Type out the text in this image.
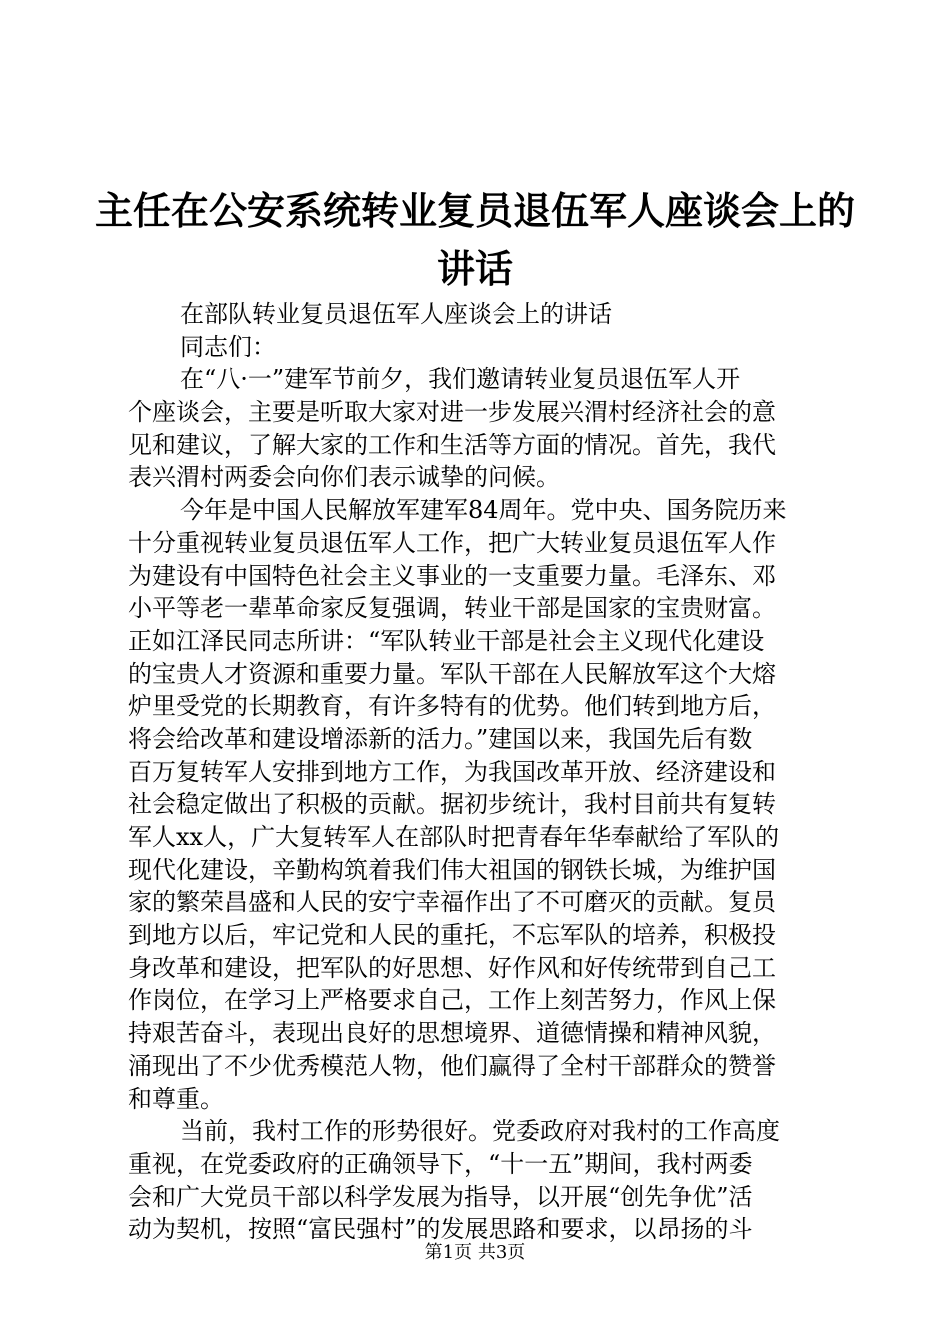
主任在公安系统转业复员退伍军人座谈会上的
讲话
在部队转业复员退伍军人座谈会上的讲话
同志们：
在“八·一”建军节前夕，我们邀请转业复员退伍军人开
个座谈会，主要是听取大家对进一步发展兴渭村经济社会的意
见和建议，了解大家的工作和生活等方面的情况。首先，我代
表兴渭村两委会向你们表示诚挚的问候。
今年是中国人民解放军建军84周年。党中央、国务院历来
十分重视转业复员退伍军人工作，把广大转业复员退伍军人作
为建设有中国特色社会主义事业的一支重要力量。毛泽东、邓
小平等老一辈革命家反复强调，转业干部是国家的宝贵财富。
正如江泽民同志所讲：“军队转业干部是社会主义现代化建设
的宝贵人才资源和重要力量。军队干部在人民解放军这个大熔
炉里受党的长期教育，有许多特有的优势。他们转到地方后，
将会给改革和建设增添新的活力。”建国以来，我国先后有数
百万复转军人安排到地方工作，为我国改革开放、经济建设和
社会稳定做出了积极的贡献。据初步统计，我村目前共有复转
军人xx人，广大复转军人在部队时把青春年华奉献给了军队的
现代化建设，辛勤构筑着我们伟大祖国的钢铁长城，为维护国
家的繁荣昌盛和人民的安宁幸福作出了不可磨灭的贡献。复员
到地方以后，牢记党和人民的重托，不忘军队的培养，积极投
身改革和建设，把军队的好思想、好作风和好传统带到自己工
作岗位，在学习上严格要求自己，工作上刻苦努力，作风上保
持艰苦奋斗，表现出良好的思想境界、道德情操和精神风貌，
涌现出了不少优秀模范人物，他们赢得了全村干部群众的赞誉
和尊重。
当前，我村工作的形势很好。党委政府对我村的工作高度
重视，在党委政府的正确领导下，“十一五”期间，我村两委
会和广大党员干部以科学发展为指导，以开展“创先争优”活
动为契机，按照“富民强村”的发展思路和要求，以昂扬的斗
第1页 共3页
